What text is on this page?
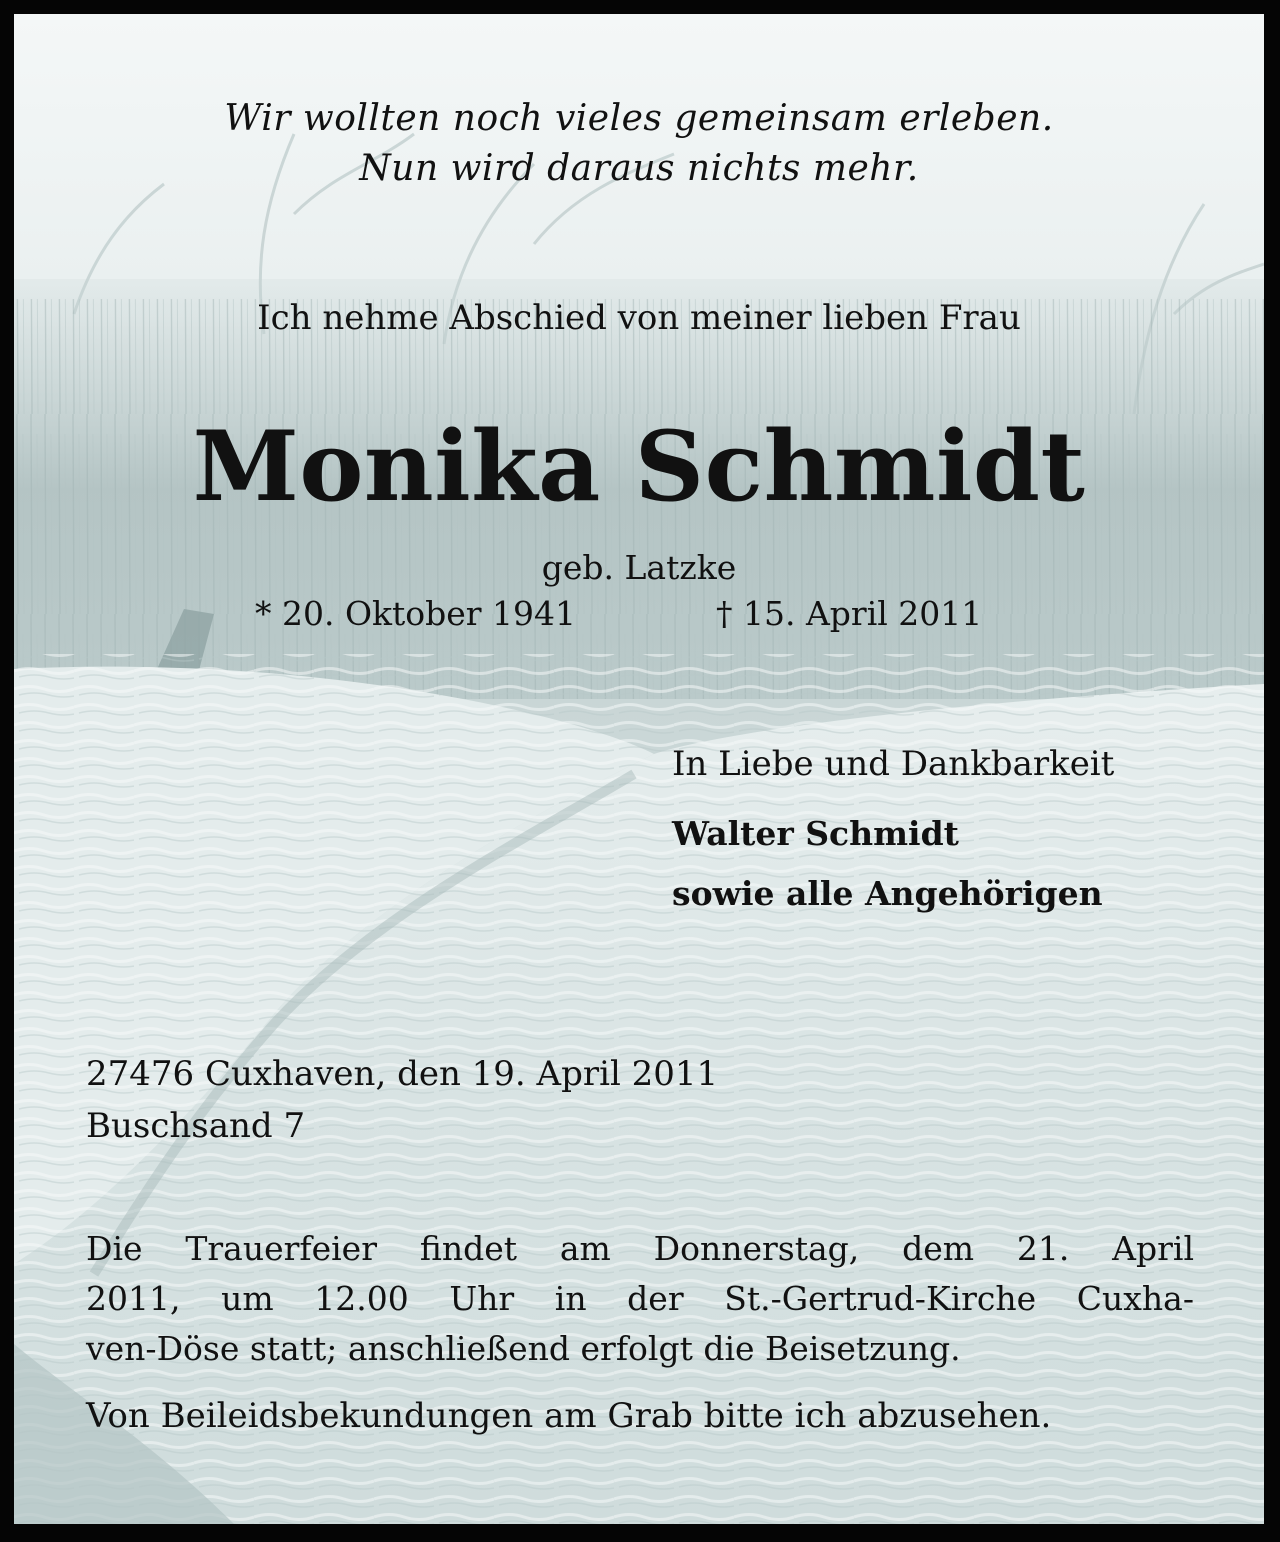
Wir wollten noch vieles gemeinsam erleben.
Nun wird daraus nichts mehr.
Ich nehme Abschied von meiner lieben Frau
Monika Schmidt
geb. Latzke
* 20. Oktober 1941	† 15. April 2011
In Liebe und Dankbarkeit
Walter Schmidt
sowie alle Angehörigen
27476 Cuxhaven, den 19. April 2011
Buschsand 7
Die Trauerfeier findet am Donnerstag, dem 21. April
2011, um 12.00 Uhr in der St.-Gertrud-Kirche Cuxha-
ven-Döse statt; anschließend erfolgt die Beisetzung.
Von Beileidsbekundungen am Grab bitte ich abzusehen.
